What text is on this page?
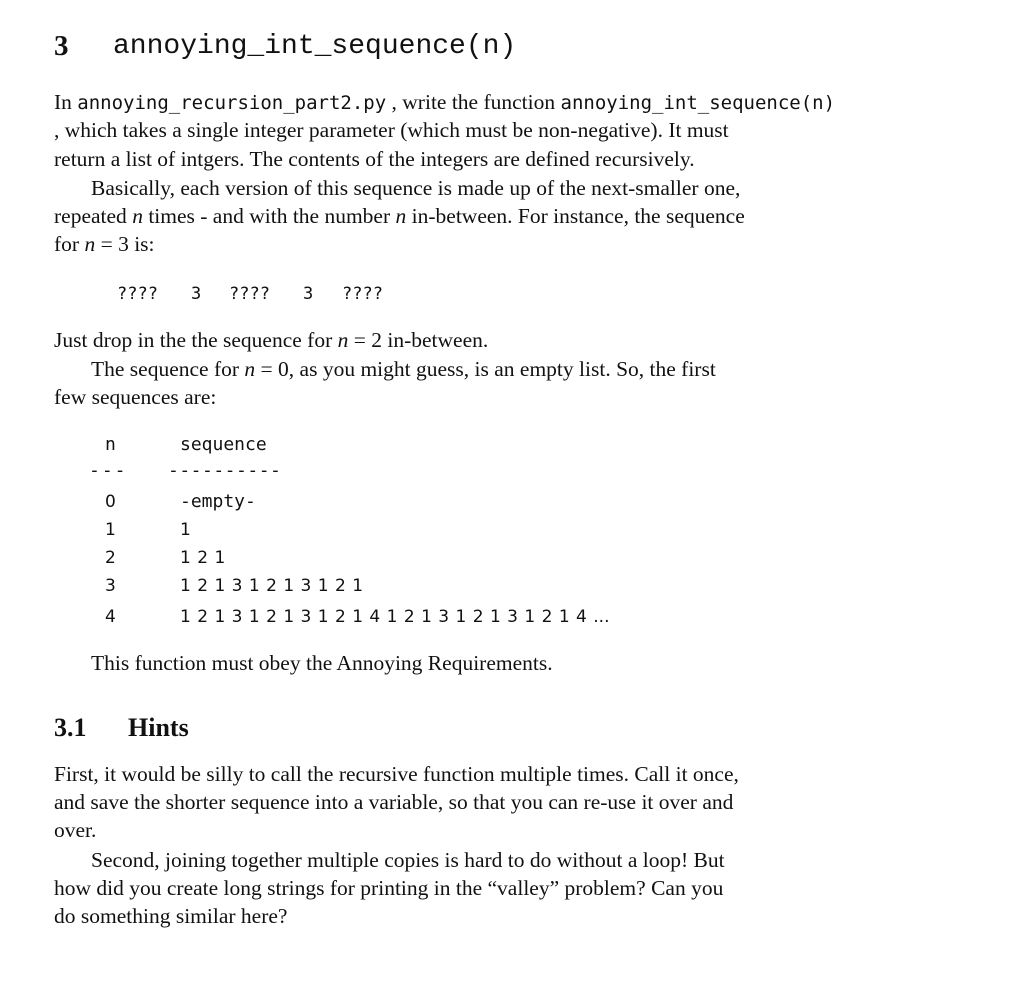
3 annoying_int_sequence(n)
In annoying_recursion_part2.py , write the function annoying_int_sequence(n)
, which takes a single integer parameter (which must be non-negative). It must
return a list of intgers. The contents of the integers are defined recursively.
Basically, each version of this sequence is made up of the next-smaller one,
repeated n times - and with the number n in-between. For instance, the sequence
for n = 3 is:
???? 3 ???? 3 ????
Just drop in the the sequence for n = 2 in-between.
The sequence for n = 0, as you might guess, is an empty list. So, the first
few sequences are:
n	sequence
--- ----------
0	-empty-
1	1
2	1 2 1
3	1 2 1 3 1 2 1 3 1 2 1
4	1 2 1 3 1 2 1 3 1 2 1 4 1 2 1 3 1 2 1 3 1 2 1 4 ...
This function must obey the Annoying Requirements.
3.1 Hints
First, it would be silly to call the recursive function multiple times. Call it once,
and save the shorter sequence into a variable, so that you can re-use it over and
over.
Second, joining together multiple copies is hard to do without a loop! But
how did you create long strings for printing in the “valley” problem? Can you
do something similar here?
